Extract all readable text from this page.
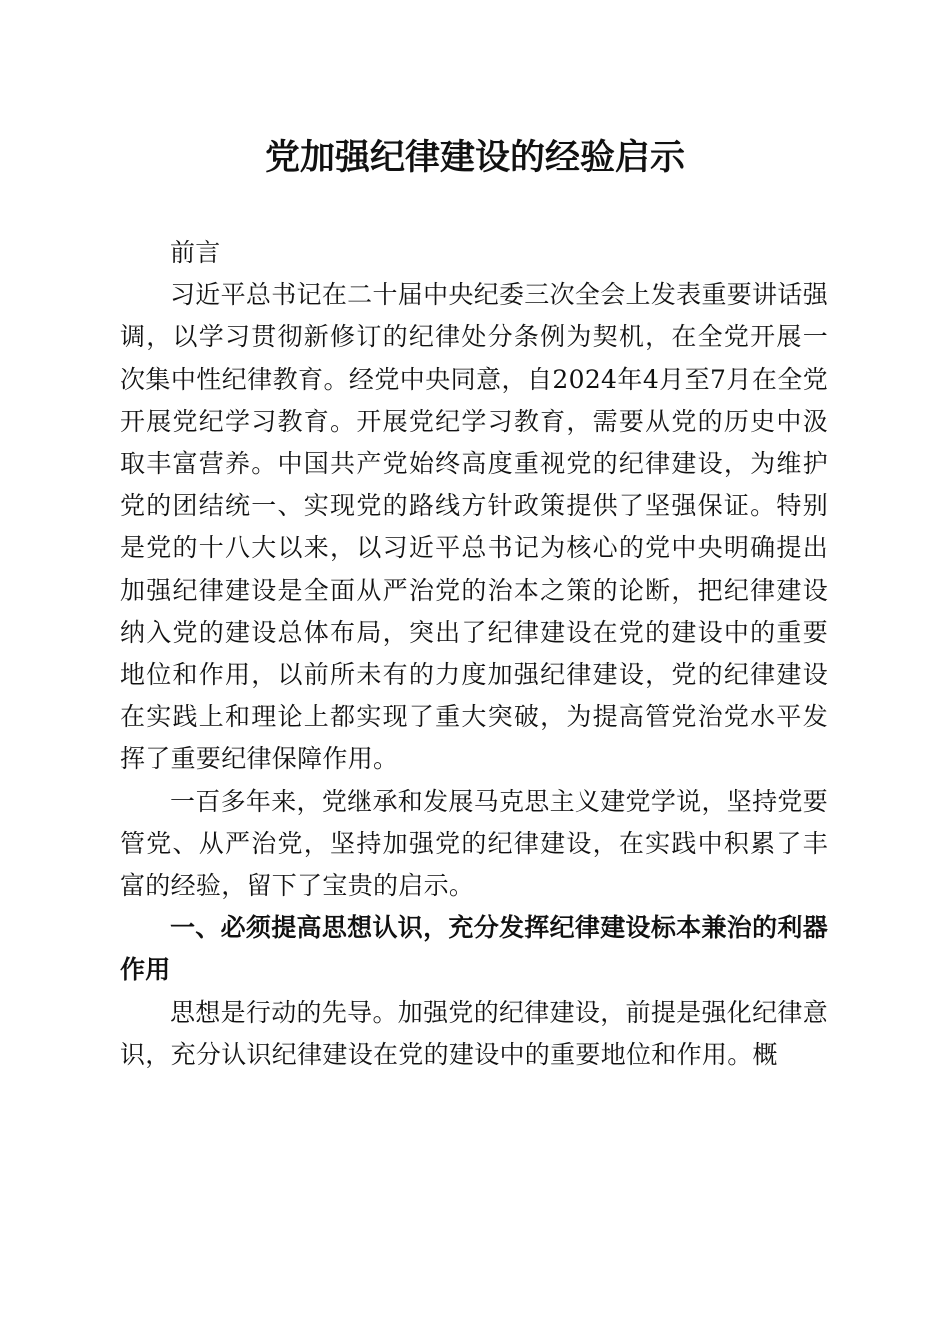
党加强纪律建设的经验启示

前言

习近平总书记在二十届中央纪委三次全会上发表重要讲话强调，以学习贯彻新修订的纪律处分条例为契机，在全党开展一次集中性纪律教育。经党中央同意，自2024年4月至7月在全党开展党纪学习教育。开展党纪学习教育，需要从党的历史中汲取丰富营养。中国共产党始终高度重视党的纪律建设，为维护党的团结统一、实现党的路线方针政策提供了坚强保证。特别是党的十八大以来，以习近平总书记为核心的党中央明确提出加强纪律建设是全面从严治党的治本之策的论断，把纪律建设纳入党的建设总体布局，突出了纪律建设在党的建设中的重要地位和作用，以前所未有的力度加强纪律建设，党的纪律建设在实践上和理论上都实现了重大突破，为提高管党治党水平发挥了重要纪律保障作用。

一百多年来，党继承和发展马克思主义建党学说，坚持党要管党、从严治党，坚持加强党的纪律建设，在实践中积累了丰富的经验，留下了宝贵的启示。

一、必须提高思想认识，充分发挥纪律建设标本兼治的利器作用

思想是行动的先导。加强党的纪律建设，前提是强化纪律意识，充分认识纪律建设在党的建设中的重要地位和作用。概
